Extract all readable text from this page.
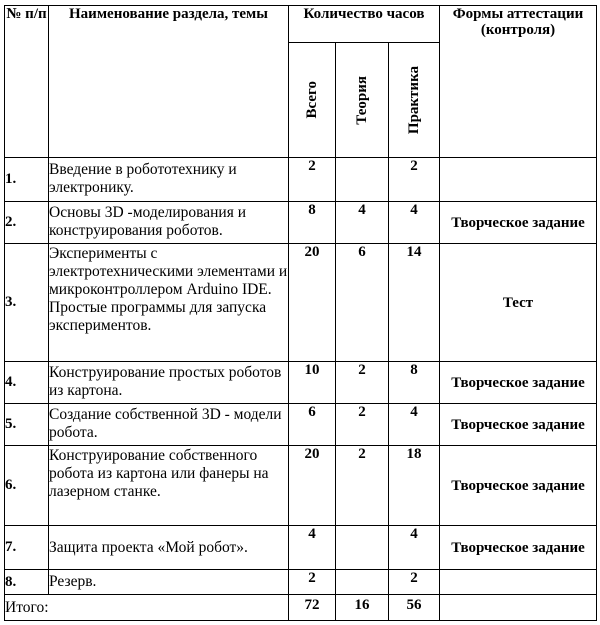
№ п/п	Наименование раздела, темы	Количество часов			Формы аттестации (контроля)

		Всего	Теория	Практика	

1.	Введение в робототехнику и электронику.	2		2	
2.	Основы 3D -моделирования и конструирования роботов.	8	4	4	Творческое задание
3.	Эксперименты с электротехническими элементами и микроконтроллером Arduino IDE. Простые программы для запуска экспериментов.	20	6	14	Тест
4.	Конструирование простых роботов из картона.	10	2	8	Творческое задание
5.	Создание собственной 3D - модели робота.	6	2	4	Творческое задание
6.	Конструирование собственного робота из картона или фанеры на лазерном станке.	20	2	18	Творческое задание
7.	Защита проекта «Мой робот».	4		4	Творческое задание
8.	Резерв.	2		2	
Итого:		72	16	56	
